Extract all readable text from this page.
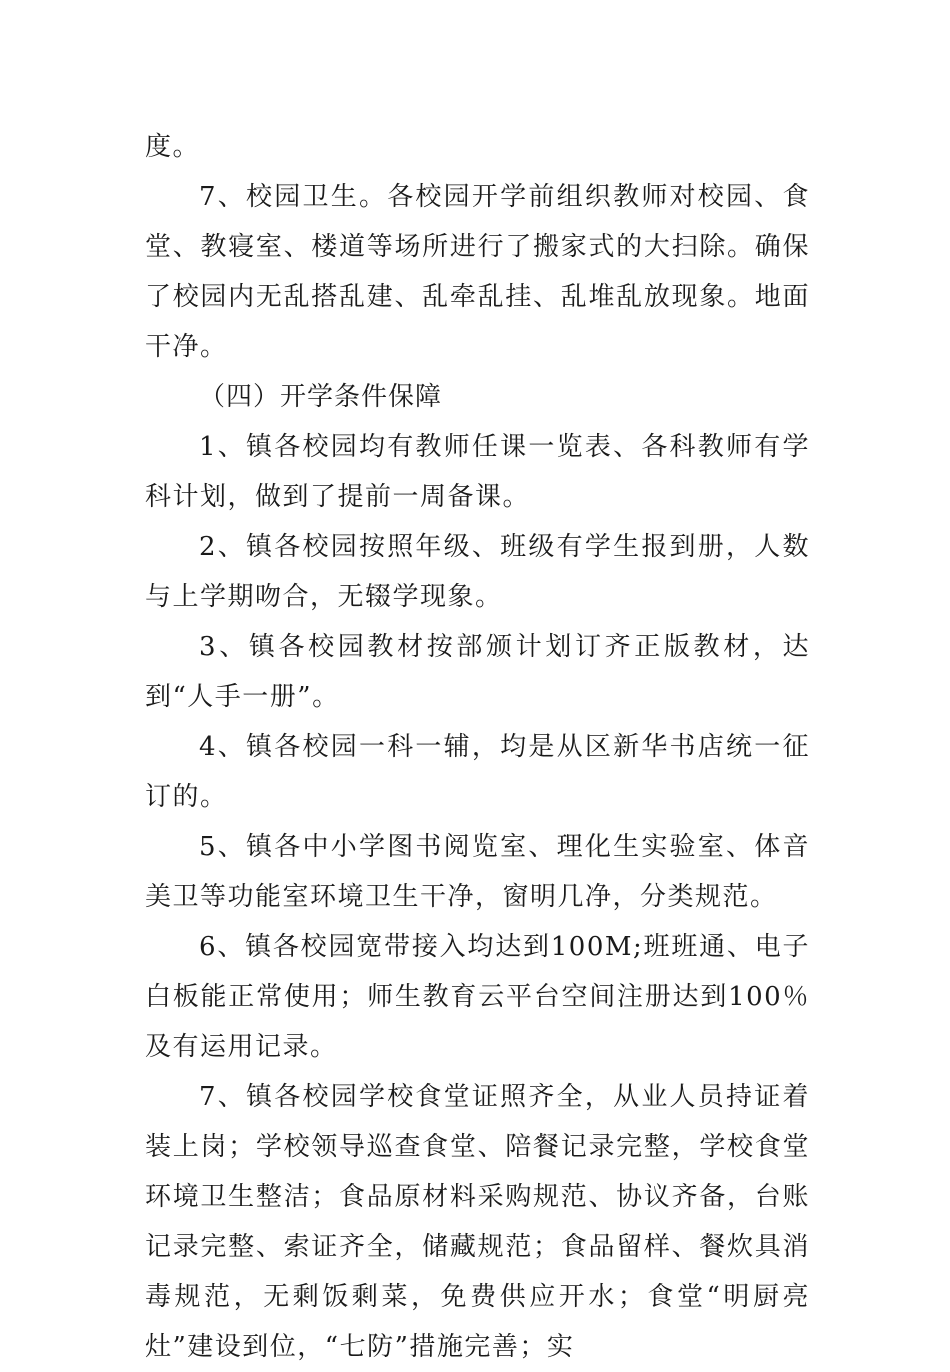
度。

7、校园卫生。各校园开学前组织教师对校园、食堂、教寝室、楼道等场所进行了搬家式的大扫除。确保了校园内无乱搭乱建、乱牵乱挂、乱堆乱放现象。地面干净。

（四）开学条件保障

1、镇各校园均有教师任课一览表、各科教师有学科计划，做到了提前一周备课。

2、镇各校园按照年级、班级有学生报到册，人数与上学期吻合，无辍学现象。

3、镇各校园教材按部颁计划订齐正版教材，达到“人手一册”。

4、镇各校园一科一辅，均是从区新华书店统一征订的。

5、镇各中小学图书阅览室、理化生实验室、体音美卫等功能室环境卫生干净，窗明几净，分类规范。

6、镇各校园宽带接入均达到100M;班班通、电子白板能正常使用；师生教育云平台空间注册达到100％及有运用记录。

7、镇各校园学校食堂证照齐全，从业人员持证着装上岗；学校领导巡查食堂、陪餐记录完整，学校食堂环境卫生整洁；食品原材料采购规范、协议齐备，台账记录完整、索证齐全，储藏规范；食品留样、餐炊具消毒规范，无剩饭剩菜，免费供应开水；食堂“明厨亮灶”建设到位，“七防”措施完善；实
